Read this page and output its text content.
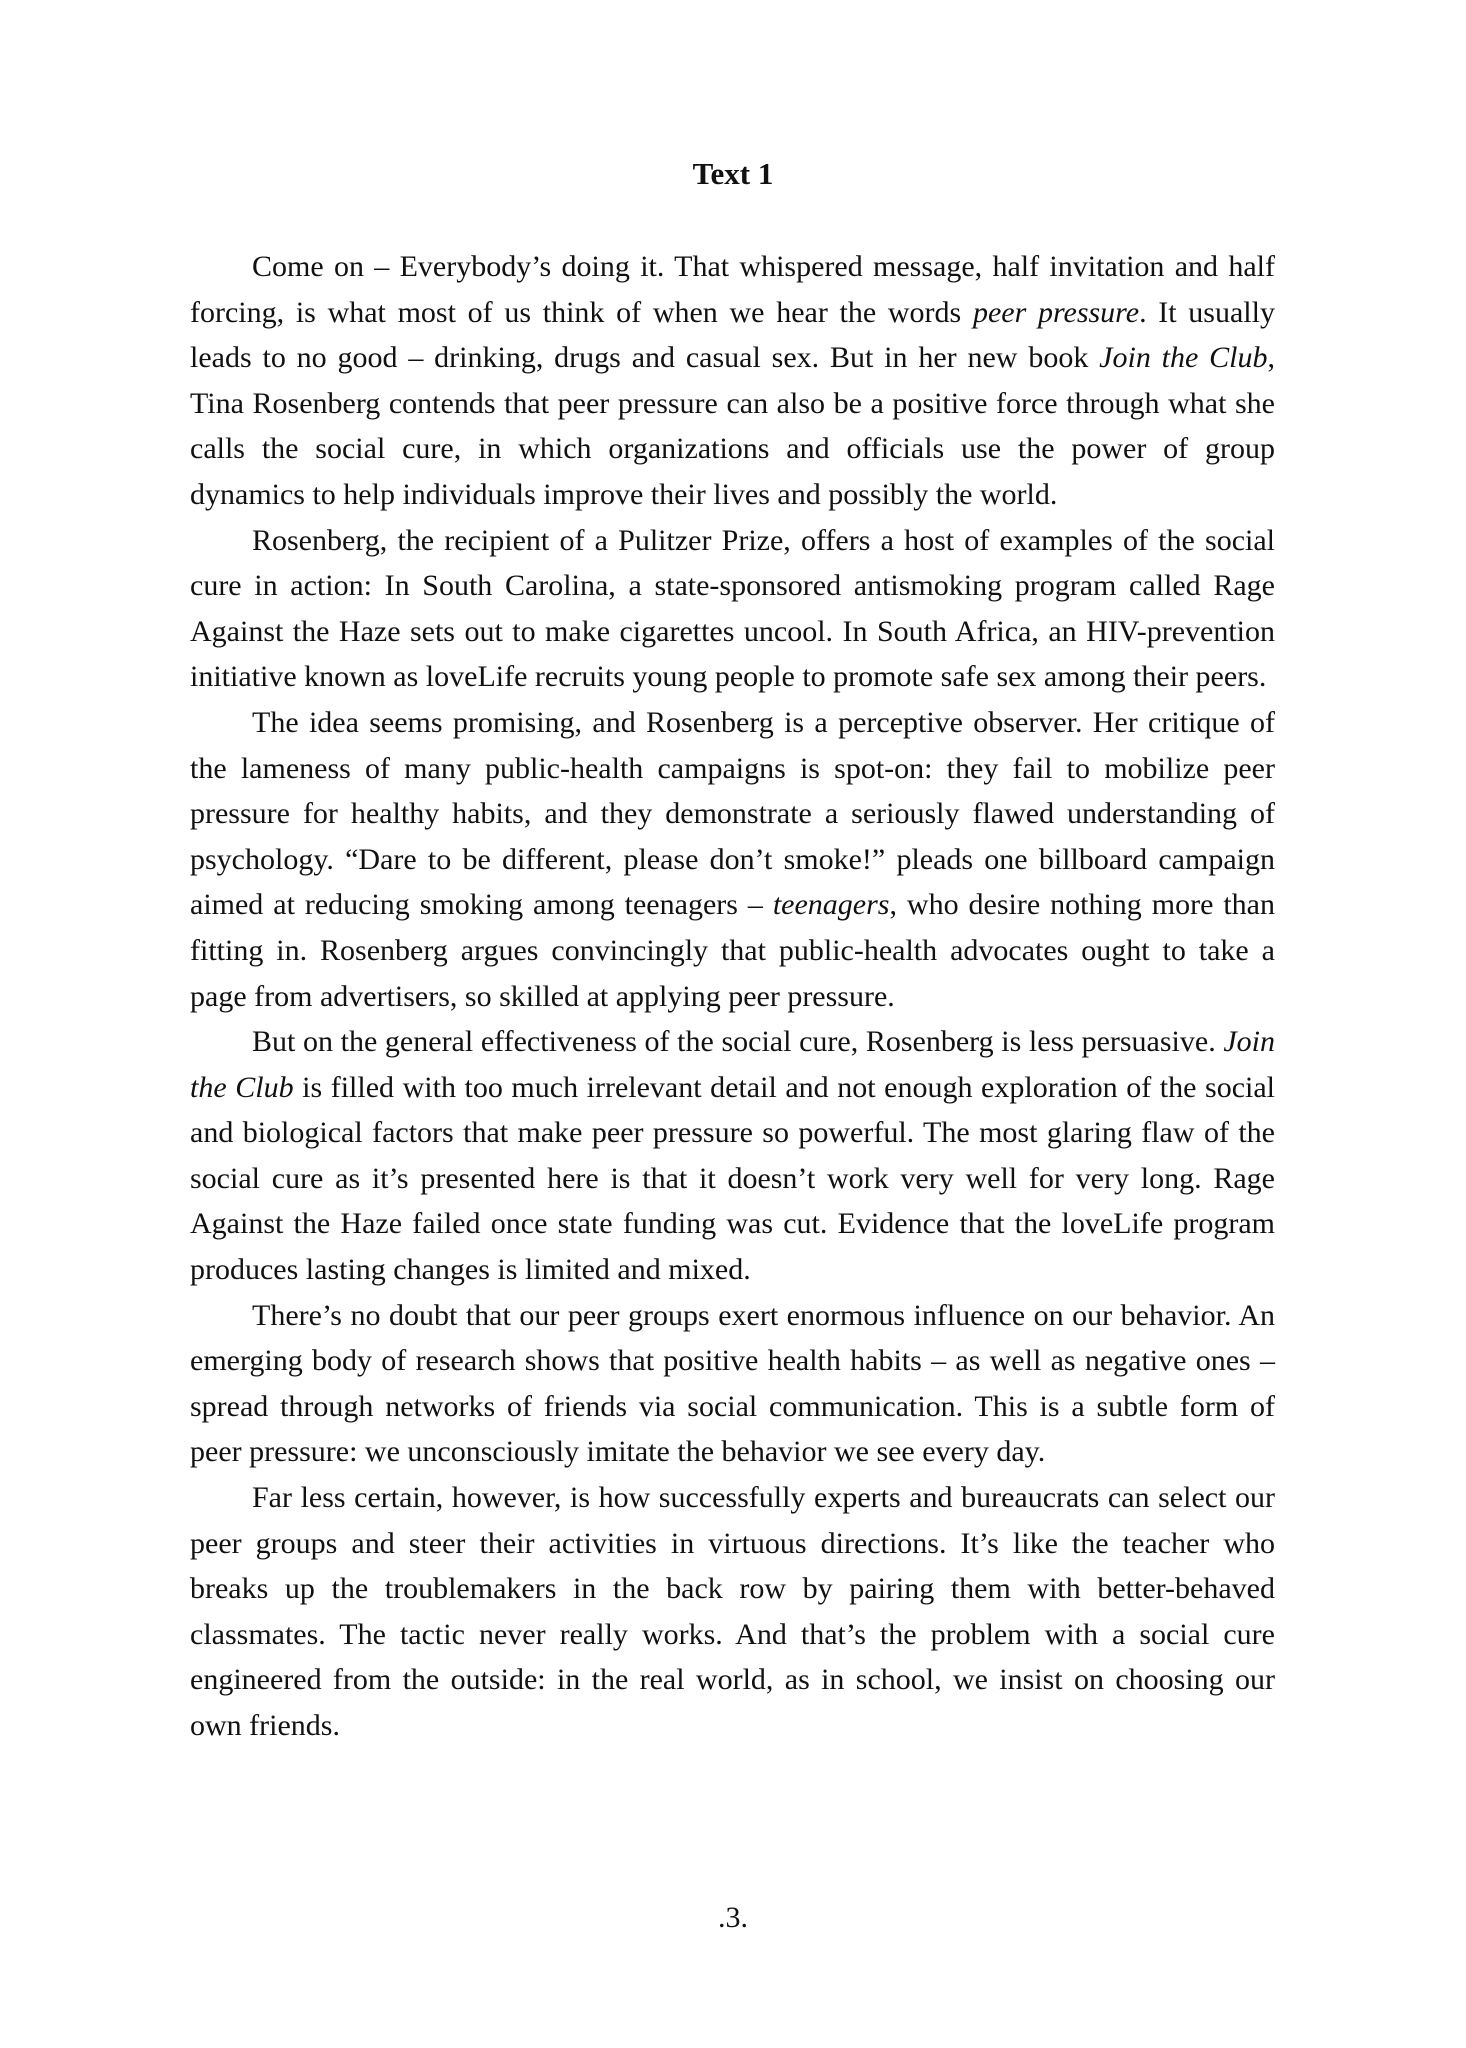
Text 1

Come on – Everybody’s doing it. That whispered message, half invitation and half forcing, is what most of us think of when we hear the words peer pressure. It usually leads to no good – drinking, drugs and casual sex. But in her new book Join the Club, Tina Rosenberg contends that peer pressure can also be a positive force through what she calls the social cure, in which organizations and officials use the power of group dynamics to help individuals improve their lives and possibly the world.

Rosenberg, the recipient of a Pulitzer Prize, offers a host of examples of the social cure in action: In South Carolina, a state-sponsored antismoking program called Rage Against the Haze sets out to make cigarettes uncool. In South Africa, an HIV-prevention initiative known as loveLife recruits young people to promote safe sex among their peers.

The idea seems promising, and Rosenberg is a perceptive observer. Her critique of the lameness of many public-health campaigns is spot-on: they fail to mobilize peer pressure for healthy habits, and they demonstrate a seriously flawed understanding of psychology. “Dare to be different, please don’t smoke!” pleads one billboard campaign aimed at reducing smoking among teenagers – teenagers, who desire nothing more than fitting in. Rosenberg argues convincingly that public-health advocates ought to take a page from advertisers, so skilled at applying peer pressure.

But on the general effectiveness of the social cure, Rosenberg is less persuasive. Join the Club is filled with too much irrelevant detail and not enough exploration of the social and biological factors that make peer pressure so powerful. The most glaring flaw of the social cure as it’s presented here is that it doesn’t work very well for very long. Rage Against the Haze failed once state funding was cut. Evidence that the loveLife program produces lasting changes is limited and mixed.

There’s no doubt that our peer groups exert enormous influence on our behavior. An emerging body of research shows that positive health habits – as well as negative ones – spread through networks of friends via social communication. This is a subtle form of peer pressure: we unconsciously imitate the behavior we see every day.

Far less certain, however, is how successfully experts and bureaucrats can select our peer groups and steer their activities in virtuous directions. It’s like the teacher who breaks up the troublemakers in the back row by pairing them with better-behaved classmates. The tactic never really works. And that’s the problem with a social cure engineered from the outside: in the real world, as in school, we insist on choosing our own friends.

.3.
